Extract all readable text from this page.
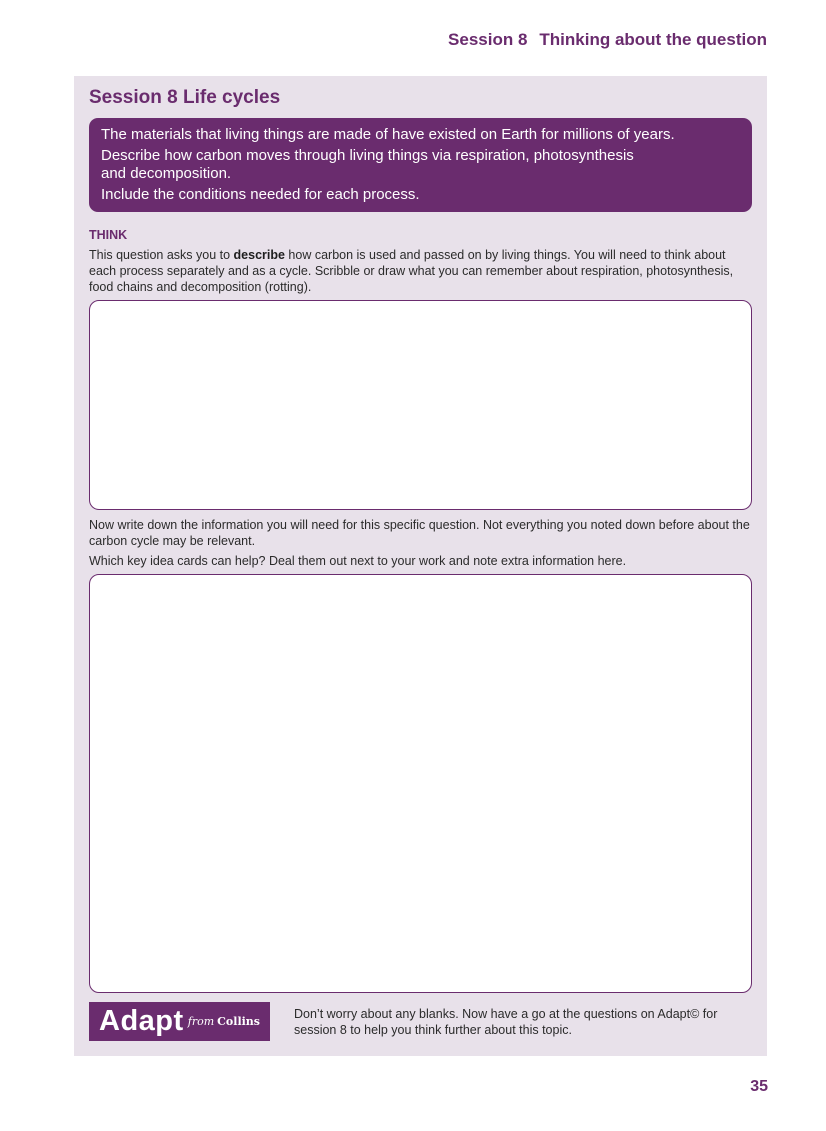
Session 8 Thinking about the question
Session 8 Life cycles

The materials that living things are made of have existed on Earth for millions of years.

Describe how carbon moves through living things via respiration, photosynthesis and decomposition.

Include the conditions needed for each process.

THINK
This question asks you to describe how carbon is used and passed on by living things. You will need to think about each process separately and as a cycle. Scribble or draw what you can remember about respiration, photosynthesis, food chains and decomposition (rotting).

Now write down the information you will need for this specific question. Not everything you noted down before about the carbon cycle may be relevant.

Which key idea cards can help? Deal them out next to your work and note extra information here.

Adapt from Collins
Don’t worry about any blanks. Now have a go at the questions on Adapt© for session 8 to help you think further about this topic.
35
